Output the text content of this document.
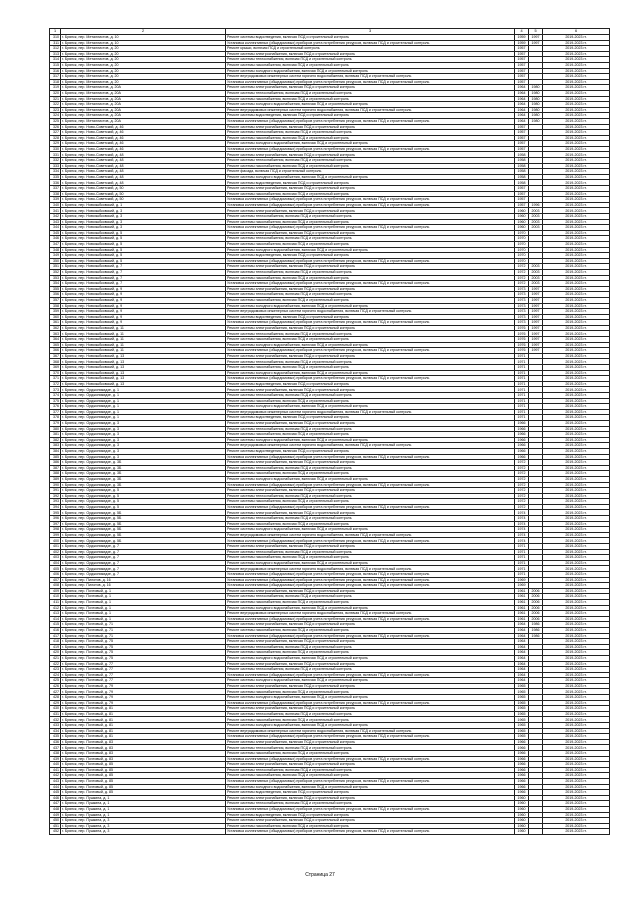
1	2	3	4	5	6
310	г. Брянск, пер. Металлистов, д. 10	Ремонт системы водоотведения, включая ПСД и строительный контроль	1959	1997	2019-2023 гг.
311	г. Брянск, пер. Металлистов, д. 10	Установка коллективных (общедомовых) приборов учета потребления ресурсов, включая ПСД и строительный контроль	1959	1997	2019-2023 гг.
312	г. Брянск, пер. Металлистов, д. 20	Ремонт крыши, включая ПСД и строительный контроль	1957		2019-2023 гг.
313	г. Брянск, пер. Металлистов, д. 20	Ремонт системы электроснабжения, включая ПСД и строительный контроль	1957		2019-2023 гг.
314	г. Брянск, пер. Металлистов, д. 20	Ремонт системы теплоснабжения, включая ПСД и строительный контроль	1957		2019-2023 гг.
315	г. Брянск, пер. Металлистов, д. 20	Ремонт системы газоснабжения, включая ПСД и строительный контроль	1957		2019-2023 гг.
316	г. Брянск, пер. Металлистов, д. 20	Ремонт системы холодного водоснабжения, включая ПСД и строительный контроль	1957		2019-2023 гг.
317	г. Брянск, пер. Металлистов, д. 20	Ремонт внутридомовых инженерных систем горячего водоснабжения, включая ПСД и строительный контроль	1957		2019-2023 гг.
318	г. Брянск, пер. Металлистов, д. 20	Установка коллективных (общедомовых) приборов учета потребления ресурсов, включая ПСД и строительный контроль	1957		2019-2023 гг.
319	г. Брянск, пер. Металлистов, д. 20А	Ремонт системы электроснабжения, включая ПСД и строительный контроль	1964	1980	2019-2023 гг.
320	г. Брянск, пер. Металлистов, д. 20А	Ремонт системы теплоснабжения, включая ПСД и строительный контроль	1964	1980	2019-2023 гг.
321	г. Брянск, пер. Металлистов, д. 20А	Ремонт системы газоснабжения, включая ПСД и строительный контроль	1964	1980	2019-2023 гг.
322	г. Брянск, пер. Металлистов, д. 20А	Ремонт системы холодного водоснабжения, включая ПСД и строительный контроль	1964	1980	2019-2023 гг.
323	г. Брянск, пер. Металлистов, д. 20А	Ремонт внутридомовых инженерных систем горячего водоснабжения, включая ПСД и строительный контроль	1964	1980	2019-2023 гг.
324	г. Брянск, пер. Металлистов, д. 20А	Ремонт системы водоотведения, включая ПСД и строительный контроль	1964	1980	2019-2023 гг.
325	г. Брянск, пер. Металлистов, д. 20А	Установка коллективных (общедомовых) приборов учета потребления ресурсов, включая ПСД и строительный контроль	1964	1980	2019-2023 гг.
326	г. Брянск, пер. Ново-Советский, д. 46	Ремонт системы электроснабжения, включая ПСД и строительный контроль	1957		2019-2023 гг.
327	г. Брянск, пер. Ново-Советский, д. 46	Ремонт системы теплоснабжения, включая ПСД и строительный контроль	1957		2019-2023 гг.
328	г. Брянск, пер. Ново-Советский, д. 46	Ремонт системы газоснабжения, включая ПСД и строительный контроль	1957		2019-2023 гг.
329	г. Брянск, пер. Ново-Советский, д. 46	Ремонт системы холодного водоснабжения, включая ПСД и строительный контроль	1957		2019-2023 гг.
330	г. Брянск, пер. Ново-Советский, д. 46	Установка коллективных (общедомовых) приборов учета потребления ресурсов, включая ПСД и строительный контроль	1957		2019-2023 гг.
331	г. Брянск, пер. Ново-Советский, д. 48	Ремонт системы электроснабжения, включая ПСД и строительный контроль	1958		2019-2023 гг.
332	г. Брянск, пер. Ново-Советский, д. 48	Ремонт системы теплоснабжения, включая ПСД и строительный контроль	1958		2019-2023 гг.
333	г. Брянск, пер. Ново-Советский, д. 48	Ремонт системы газоснабжения, включая ПСД и строительный контроль	1958		2019-2023 гг.
334	г. Брянск, пер. Ново-Советский, д. 48	Ремонт фасада, включая ПСД и строительный контроль	1958		2019-2023 гг.
335	г. Брянск, пер. Ново-Советский, д. 48	Ремонт системы холодного водоснабжения, включая ПСД и строительный контроль	1958		2019-2023 гг.
336	г. Брянск, пер. Ново-Советский, д. 48	Ремонт системы водоотведения, включая ПСД и строительный контроль	1958		2019-2023 гг.
337	г. Брянск, пер. Ново-Советский, д. 50	Ремонт системы электроснабжения, включая ПСД и строительный контроль	1957		2019-2023 гг.
338	г. Брянск, пер. Ново-Советский, д. 50	Ремонт системы газоснабжения, включая ПСД и строительный контроль	1957		2019-2023 гг.
339	г. Брянск, пер. Ново-Советский, д. 50	Установка коллективных (общедомовых) приборов учета потребления ресурсов, включая ПСД и строительный контроль	1957		2019-2023 гг.
340	г. Брянск, пер. Новозыбковский, д. 1	Установка коллективных (общедомовых) приборов учета потребления ресурсов, включая ПСД и строительный контроль	1957	1996	2019-2023 гг.
341	г. Брянск, пер. Новозыбковский, д. 3	Ремонт системы электроснабжения, включая ПСД и строительный контроль	1960	2003	2019-2023 гг.
342	г. Брянск, пер. Новозыбковский, д. 3	Ремонт системы теплоснабжения, включая ПСД и строительный контроль	1960	2003	2019-2023 гг.
343	г. Брянск, пер. Новозыбковский, д. 3	Ремонт системы газоснабжения, включая ПСД и строительный контроль	1960	2003	2019-2023 гг.
344	г. Брянск, пер. Новозыбковский, д. 3	Установка коллективных (общедомовых) приборов учета потребления ресурсов, включая ПСД и строительный контроль	1960	2003	2019-2023 гг.
345	г. Брянск, пер. Новозыбковский, д. 5	Ремонт системы электроснабжения, включая ПСД и строительный контроль	1970		2019-2023 гг.
346	г. Брянск, пер. Новозыбковский, д. 5	Ремонт системы теплоснабжения, включая ПСД и строительный контроль	1970		2019-2023 гг.
347	г. Брянск, пер. Новозыбковский, д. 5	Ремонт системы газоснабжения, включая ПСД и строительный контроль	1970		2019-2023 гг.
348	г. Брянск, пер. Новозыбковский, д. 5	Ремонт системы холодного водоснабжения, включая ПСД и строительный контроль	1970		2019-2023 гг.
349	г. Брянск, пер. Новозыбковский, д. 5	Ремонт системы водоотведения, включая ПСД и строительный контроль	1970		2019-2023 гг.
350	г. Брянск, пер. Новозыбковский, д. 5	Установка коллективных (общедомовых) приборов учета потребления ресурсов, включая ПСД и строительный контроль	1970		2019-2023 гг.
351	г. Брянск, пер. Новозыбковский, д. 7	Ремонт системы электроснабжения, включая ПСД и строительный контроль	1972	2003	2019-2023 гг.
352	г. Брянск, пер. Новозыбковский, д. 7	Ремонт системы теплоснабжения, включая ПСД и строительный контроль	1972	2003	2019-2023 гг.
353	г. Брянск, пер. Новозыбковский, д. 7	Ремонт системы газоснабжения, включая ПСД и строительный контроль	1972	2003	2019-2023 гг.
354	г. Брянск, пер. Новозыбковский, д. 7	Установка коллективных (общедомовых) приборов учета потребления ресурсов, включая ПСД и строительный контроль	1972	2003	2019-2023 гг.
355	г. Брянск, пер. Новозыбковский, д. 9	Ремонт системы электроснабжения, включая ПСД и строительный контроль	1973	1997	2019-2023 гг.
356	г. Брянск, пер. Новозыбковский, д. 9	Ремонт системы теплоснабжения, включая ПСД и строительный контроль	1973	1997	2019-2023 гг.
357	г. Брянск, пер. Новозыбковский, д. 9	Ремонт системы газоснабжения, включая ПСД и строительный контроль	1973	1997	2019-2023 гг.
358	г. Брянск, пер. Новозыбковский, д. 9	Ремонт системы холодного водоснабжения, включая ПСД и строительный контроль	1973	1997	2019-2023 гг.
359	г. Брянск, пер. Новозыбковский, д. 9	Ремонт внутридомовых инженерных систем горячего водоснабжения, включая ПСД и строительный контроль	1973	1997	2019-2023 гг.
360	г. Брянск, пер. Новозыбковский, д. 9	Ремонт системы водоотведения, включая ПСД и строительный контроль	1973	1997	2019-2023 гг.
361	г. Брянск, пер. Новозыбковский, д. 9	Установка коллективных (общедомовых) приборов учета потребления ресурсов, включая ПСД и строительный контроль	1973	1997	2019-2023 гг.
362	г. Брянск, пер. Новозыбковский, д. 11	Ремонт системы электроснабжения, включая ПСД и строительный контроль	1976	1997	2019-2023 гг.
363	г. Брянск, пер. Новозыбковский, д. 11	Ремонт системы теплоснабжения, включая ПСД и строительный контроль	1976	1997	2019-2023 гг.
364	г. Брянск, пер. Новозыбковский, д. 11	Ремонт системы газоснабжения, включая ПСД и строительный контроль	1976	1997	2019-2023 гг.
365	г. Брянск, пер. Новозыбковский, д. 11	Ремонт системы холодного водоснабжения, включая ПСД и строительный контроль	1976	1997	2019-2023 гг.
366	г. Брянск, пер. Новозыбковский, д. 11	Установка коллективных (общедомовых) приборов учета потребления ресурсов, включая ПСД и строительный контроль	1976	1997	2019-2023 гг.
367	г. Брянск, пер. Новозыбковский, д. 13	Ремонт системы электроснабжения, включая ПСД и строительный контроль	1971		2019-2023 гг.
368	г. Брянск, пер. Новозыбковский, д. 13	Ремонт системы теплоснабжения, включая ПСД и строительный контроль	1971		2019-2023 гг.
369	г. Брянск, пер. Новозыбковский, д. 13	Ремонт системы газоснабжения, включая ПСД и строительный контроль	1971		2019-2023 гг.
370	г. Брянск, пер. Новозыбковский, д. 13	Ремонт системы холодного водоснабжения, включая ПСД и строительный контроль	1971		2019-2023 гг.
371	г. Брянск, пер. Новозыбковский, д. 13	Установка коллективных (общедомовых) приборов учета потребления ресурсов, включая ПСД и строительный контроль	1971		2019-2023 гг.
372	г. Брянск, пер. Новозыбковский, д. 13	Ремонт системы водоотведения, включая ПСД и строительный контроль	1971		2019-2023 гг.
373	г. Брянск, пер. Орджоникидзе, д. 1	Ремонт системы электроснабжения, включая ПСД и строительный контроль	1971		2019-2023 гг.
374	г. Брянск, пер. Орджоникидзе, д. 1	Ремонт системы теплоснабжения, включая ПСД и строительный контроль	1971		2019-2023 гг.
375	г. Брянск, пер. Орджоникидзе, д. 1	Ремонт системы газоснабжения, включая ПСД и строительный контроль	1971		2019-2023 гг.
376	г. Брянск, пер. Орджоникидзе, д. 1	Ремонт системы холодного водоснабжения, включая ПСД и строительный контроль	1971		2019-2023 гг.
377	г. Брянск, пер. Орджоникидзе, д. 1	Ремонт внутридомовых инженерных систем горячего водоснабжения, включая ПСД и строительный контроль	1971		2019-2023 гг.
378	г. Брянск, пер. Орджоникидзе, д. 1	Ремонт системы водоотведения, включая ПСД и строительный контроль	1971		2019-2023 гг.
379	г. Брянск, пер. Орджоникидзе, д. 3	Ремонт системы электроснабжения, включая ПСД и строительный контроль	1966		2019-2023 гг.
380	г. Брянск, пер. Орджоникидзе, д. 3	Ремонт системы теплоснабжения, включая ПСД и строительный контроль	1966		2019-2023 гг.
381	г. Брянск, пер. Орджоникидзе, д. 3	Ремонт системы газоснабжения, включая ПСД и строительный контроль	1966		2019-2023 гг.
382	г. Брянск, пер. Орджоникидзе, д. 3	Ремонт системы холодного водоснабжения, включая ПСД и строительный контроль	1966		2019-2023 гг.
383	г. Брянск, пер. Орджоникидзе, д. 3	Ремонт внутридомовых инженерных систем горячего водоснабжения, включая ПСД и строительный контроль	1966		2019-2023 гг.
384	г. Брянск, пер. Орджоникидзе, д. 3	Ремонт системы водоотведения, включая ПСД и строительный контроль	1966		2019-2023 гг.
385	г. Брянск, пер. Орджоникидзе, д. 3	Установка коллективных (общедомовых) приборов учета потребления ресурсов, включая ПСД и строительный контроль	1966		2019-2023 гг.
386	г. Брянск, пер. Орджоникидзе, д. 3Б	Ремонт системы электроснабжения, включая ПСД и строительный контроль	1972		2019-2023 гг.
387	г. Брянск, пер. Орджоникидзе, д. 3Б	Ремонт системы теплоснабжения, включая ПСД и строительный контроль	1972		2019-2023 гг.
388	г. Брянск, пер. Орджоникидзе, д. 3Б	Ремонт системы газоснабжения, включая ПСД и строительный контроль	1972		2019-2023 гг.
389	г. Брянск, пер. Орджоникидзе, д. 3Б	Ремонт системы холодного водоснабжения, включая ПСД и строительный контроль	1972		2019-2023 гг.
390	г. Брянск, пер. Орджоникидзе, д. 3Б	Установка коллективных (общедомовых) приборов учета потребления ресурсов, включая ПСД и строительный контроль	1972		2019-2023 гг.
391	г. Брянск, пер. Орджоникидзе, д. 5	Ремонт системы электроснабжения, включая ПСД и строительный контроль	1972		2019-2023 гг.
392	г. Брянск, пер. Орджоникидзе, д. 5	Ремонт системы теплоснабжения, включая ПСД и строительный контроль	1972		2019-2023 гг.
393	г. Брянск, пер. Орджоникидзе, д. 5	Ремонт системы газоснабжения, включая ПСД и строительный контроль	1972		2019-2023 гг.
394	г. Брянск, пер. Орджоникидзе, д. 5	Установка коллективных (общедомовых) приборов учета потребления ресурсов, включая ПСД и строительный контроль	1972		2019-2023 гг.
395	г. Брянск, пер. Орджоникидзе, д. 5Б	Ремонт системы электроснабжения, включая ПСД и строительный контроль	1974		2019-2023 гг.
396	г. Брянск, пер. Орджоникидзе, д. 5Б	Ремонт системы теплоснабжения, включая ПСД и строительный контроль	1974		2019-2023 гг.
397	г. Брянск, пер. Орджоникидзе, д. 5Б	Ремонт системы газоснабжения, включая ПСД и строительный контроль	1974		2019-2023 гг.
398	г. Брянск, пер. Орджоникидзе, д. 5Б	Ремонт системы холодного водоснабжения, включая ПСД и строительный контроль	1974		2019-2023 гг.
399	г. Брянск, пер. Орджоникидзе, д. 5Б	Ремонт внутридомовых инженерных систем горячего водоснабжения, включая ПСД и строительный контроль	1974		2019-2023 гг.
400	г. Брянск, пер. Орджоникидзе, д. 5Б	Установка коллективных (общедомовых) приборов учета потребления ресурсов, включая ПСД и строительный контроль	1974		2019-2023 гг.
401	г. Брянск, пер. Орджоникидзе, д. 7	Ремонт системы электроснабжения, включая ПСД и строительный контроль	1971		2019-2023 гг.
402	г. Брянск, пер. Орджоникидзе, д. 7	Ремонт системы теплоснабжения, включая ПСД и строительный контроль	1971		2019-2023 гг.
403	г. Брянск, пер. Орджоникидзе, д. 7	Ремонт системы газоснабжения, включая ПСД и строительный контроль	1971		2019-2023 гг.
404	г. Брянск, пер. Орджоникидзе, д. 7	Ремонт системы холодного водоснабжения, включая ПСД и строительный контроль	1971		2019-2023 гг.
405	г. Брянск, пер. Орджоникидзе, д. 7	Ремонт внутридомовых инженерных систем горячего водоснабжения, включая ПСД и строительный контроль	1971		2019-2023 гг.
406	г. Брянск, пер. Орджоникидзе, д. 7	Установка коллективных (общедомовых) приборов учета потребления ресурсов, включая ПСД и строительный контроль	1971		2019-2023 гг.
407	г. Брянск, пер. Пилотов, д. 16	Установка коллективных (общедомовых) приборов учета потребления ресурсов, включая ПСД и строительный контроль	1969		2019-2023 гг.
408	г. Брянск, пер. Пилотов, д. 16	Установка коллективных (общедомовых) приборов учета потребления ресурсов, включая ПСД и строительный контроль	1969		2019-2023 гг.
409	г. Брянск, пер. Почтовый, д. 1	Ремонт системы электроснабжения, включая ПСД и строительный контроль	1961	2006	2019-2023 гг.
410	г. Брянск, пер. Почтовый, д. 1	Ремонт системы теплоснабжения, включая ПСД и строительный контроль	1961	2006	2019-2023 гг.
411	г. Брянск, пер. Почтовый, д. 1	Ремонт системы газоснабжения, включая ПСД и строительный контроль	1961	2006	2019-2023 гг.
412	г. Брянск, пер. Почтовый, д. 1	Ремонт системы холодного водоснабжения, включая ПСД и строительный контроль	1961	2006	2019-2023 гг.
413	г. Брянск, пер. Почтовый, д. 1	Ремонт внутридомовых инженерных систем горячего водоснабжения, включая ПСД и строительный контроль	1961	2006	2019-2023 гг.
414	г. Брянск, пер. Почтовый, д. 1	Установка коллективных (общедомовых) приборов учета потребления ресурсов, включая ПСД и строительный контроль	1961	2006	2019-2023 гг.
415	г. Брянск, пер. Почтовый, д. 71	Ремонт системы электроснабжения, включая ПСД и строительный контроль	1964	1986	2019-2023 гг.
416	г. Брянск, пер. Почтовый, д. 71	Ремонт системы газоснабжения, включая ПСД и строительный контроль	1964	1986	2019-2023 гг.
417	г. Брянск, пер. Почтовый, д. 71	Установка коллективных (общедомовых) приборов учета потребления ресурсов, включая ПСД и строительный контроль	1964	1986	2019-2023 гг.
418	г. Брянск, пер. Почтовый, д. 75	Ремонт системы электроснабжения, включая ПСД и строительный контроль	1964		2019-2023 гг.
419	г. Брянск, пер. Почтовый, д. 75	Ремонт системы теплоснабжения, включая ПСД и строительный контроль	1964		2019-2023 гг.
420	г. Брянск, пер. Почтовый, д. 75	Ремонт системы газоснабжения, включая ПСД и строительный контроль	1964		2019-2023 гг.
421	г. Брянск, пер. Почтовый, д. 75	Ремонт системы холодного водоснабжения, включая ПСД и строительный контроль	1964		2019-2023 гг.
422	г. Брянск, пер. Почтовый, д. 77	Ремонт системы электроснабжения, включая ПСД и строительный контроль	1964		2019-2023 гг.
423	г. Брянск, пер. Почтовый, д. 77	Ремонт системы теплоснабжения, включая ПСД и строительный контроль	1964		2019-2023 гг.
424	г. Брянск, пер. Почтовый, д. 77	Установка коллективных (общедомовых) приборов учета потребления ресурсов, включая ПСД и строительный контроль	1964		2019-2023 гг.
425	г. Брянск, пер. Почтовый, д. 77	Ремонт системы холодного водоснабжения, включая ПСД и строительный контроль	1964		2019-2023 гг.
426	г. Брянск, пер. Почтовый, д. 79	Ремонт системы электроснабжения, включая ПСД и строительный контроль	1965		2019-2023 гг.
427	г. Брянск, пер. Почтовый, д. 79	Ремонт системы газоснабжения, включая ПСД и строительный контроль	1965		2019-2023 гг.
428	г. Брянск, пер. Почтовый, д. 79	Ремонт системы холодного водоснабжения, включая ПСД и строительный контроль	1965		2019-2023 гг.
429	г. Брянск, пер. Почтовый, д. 79	Установка коллективных (общедомовых) приборов учета потребления ресурсов, включая ПСД и строительный контроль	1965		2019-2023 гг.
430	г. Брянск, пер. Почтовый, д. 81	Ремонт системы электроснабжения, включая ПСД и строительный контроль	1965		2019-2023 гг.
431	г. Брянск, пер. Почтовый, д. 81	Ремонт системы теплоснабжения, включая ПСД и строительный контроль	1965		2019-2023 гг.
432	г. Брянск, пер. Почтовый, д. 81	Ремонт системы газоснабжения, включая ПСД и строительный контроль	1965		2019-2023 гг.
433	г. Брянск, пер. Почтовый, д. 81	Ремонт системы холодного водоснабжения, включая ПСД и строительный контроль	1965		2019-2023 гг.
434	г. Брянск, пер. Почтовый, д. 81	Ремонт внутридомовых инженерных систем горячего водоснабжения, включая ПСД и строительный контроль	1965		2019-2023 гг.
435	г. Брянск, пер. Почтовый, д. 81	Установка коллективных (общедомовых) приборов учета потребления ресурсов, включая ПСД и строительный контроль	1965		2019-2023 гг.
436	г. Брянск, пер. Почтовый, д. 83	Ремонт системы электроснабжения, включая ПСД и строительный контроль	1966		2019-2023 гг.
437	г. Брянск, пер. Почтовый, д. 83	Ремонт системы теплоснабжения, включая ПСД и строительный контроль	1966		2019-2023 гг.
438	г. Брянск, пер. Почтовый, д. 83	Ремонт системы газоснабжения, включая ПСД и строительный контроль	1966		2019-2023 гг.
439	г. Брянск, пер. Почтовый, д. 83	Установка коллективных (общедомовых) приборов учета потребления ресурсов, включая ПСД и строительный контроль	1966		2019-2023 гг.
440	г. Брянск, пер. Почтовый, д. 85	Ремонт системы электроснабжения, включая ПСД и строительный контроль	1966		2019-2023 гг.
441	г. Брянск, пер. Почтовый, д. 85	Ремонт системы теплоснабжения, включая ПСД и строительный контроль	1966		2019-2023 гг.
442	г. Брянск, пер. Почтовый, д. 85	Ремонт системы газоснабжения, включая ПСД и строительный контроль	1966		2019-2023 гг.
443	г. Брянск, пер. Почтовый, д. 85	Установка коллективных (общедомовых) приборов учета потребления ресурсов, включая ПСД и строительный контроль	1966		2019-2023 гг.
444	г. Брянск, пер. Почтовый, д. 85	Ремонт системы холодного водоснабжения, включая ПСД и строительный контроль	1966		2019-2023 гг.
445	г. Брянск, пер. Почтовый, д. 85	Ремонт системы водоотведения, включая ПСД и строительный контроль	1966		2019-2023 гг.
446	г. Брянск, пер. Пушкина, д. 1	Ремонт системы электроснабжения, включая ПСД и строительный контроль	1960		2019-2023 гг.
447	г. Брянск, пер. Пушкина, д. 1	Ремонт системы теплоснабжения, включая ПСД и строительный контроль	1960		2019-2023 гг.
448	г. Брянск, пер. Пушкина, д. 1	Установка коллективных (общедомовых) приборов учета потребления ресурсов, включая ПСД и строительный контроль	1960		2019-2023 гг.
449	г. Брянск, пер. Пушкина, д. 1	Ремонт системы водоотведения, включая ПСД и строительный контроль	1960		2019-2023 гг.
450	г. Брянск, пер. Пушкина, д. 3	Ремонт системы электроснабжения, включая ПСД и строительный контроль	1960		2019-2023 гг.
451	г. Брянск, пер. Пушкина, д. 3	Ремонт системы газоснабжения, включая ПСД и строительный контроль	1960		2019-2023 гг.
452	г. Брянск, пер. Пушкина, д. 3	Установка коллективных (общедомовых) приборов учета потребления ресурсов, включая ПСД и строительный контроль	1960		2019-2023 гг.
Страница 27
